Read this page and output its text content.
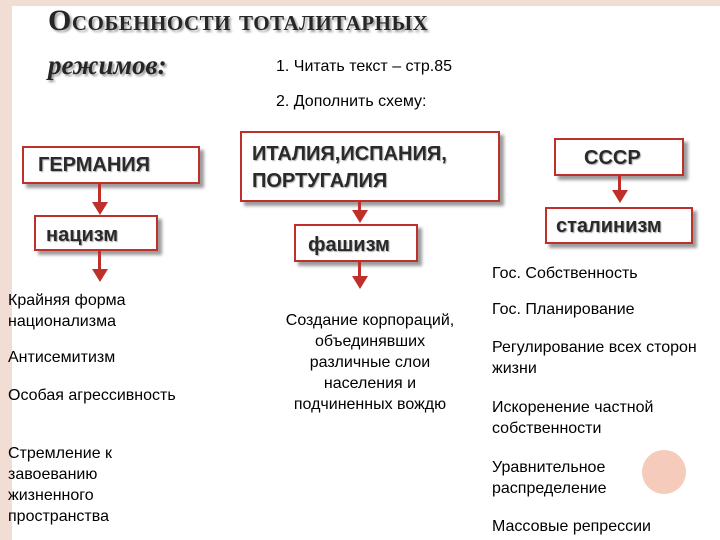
Особенности тоталитарных
режимов:	1. Читать текст – стр.85
2. Дополнить схему:
ГЕРМАНИЯ
нацизм
Крайняя форма национализма
Антисемитизм
Особая агрессивность
Стремление к завоеванию жизненного пространства
ИТАЛИЯ,ИСПАНИЯ,
ПОРТУГАЛИЯ
фашизм
Создание корпораций, объединявших различные слои населения и подчиненных вождю
СССР
сталинизм
Гос. Собственность
Гос. Планирование
Регулирование всех сторон жизни
Искоренение частной собственности
Уравнительное распределение
Массовые репрессии
